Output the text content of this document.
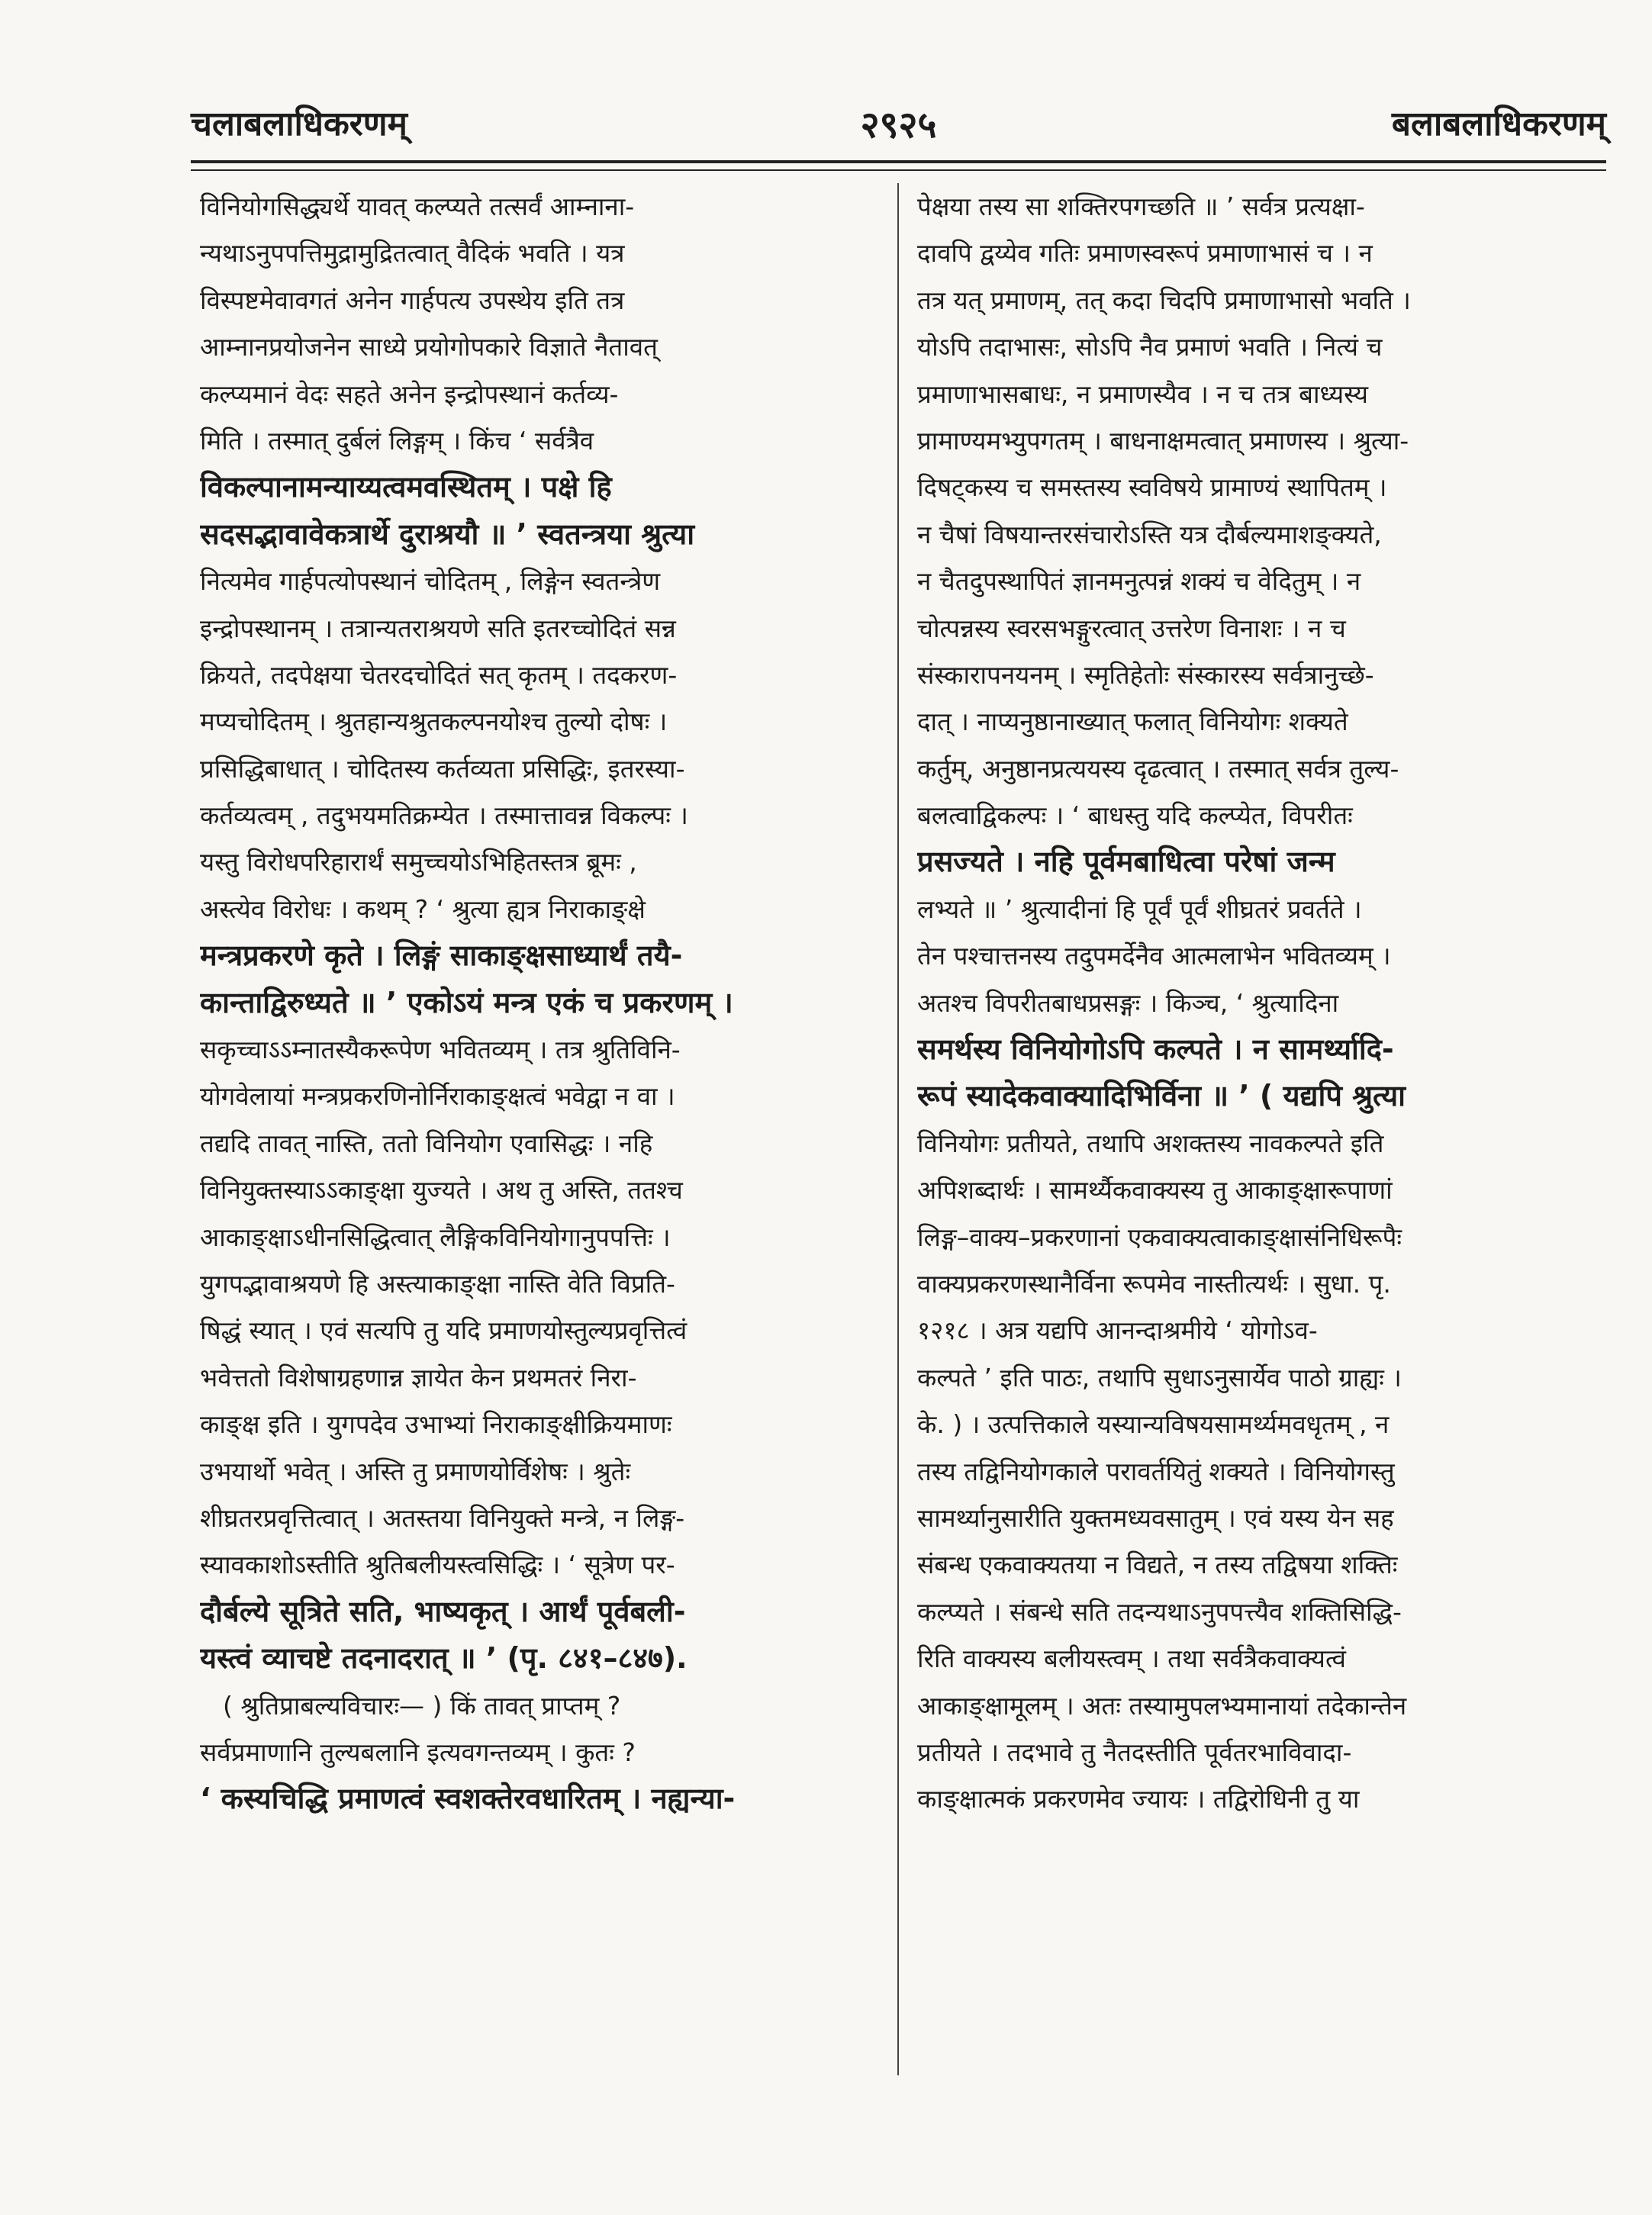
चलाबलाधिकरणम्	२९२५	बलाबलाधिकरणम्
विनियोगसिद्ध्यर्थे यावत् कल्प्यते तत्सर्वं आम्नाना-
न्यथाऽनुपपत्तिमुद्रामुद्रितत्वात् वैदिकं भवति । यत्र
विस्पष्टमेवावगतं अनेन गार्हपत्य उपस्थेय इति तत्र
आम्नानप्रयोजनेन साध्ये प्रयोगोपकारे विज्ञाते नैतावत्
कल्प्यमानं वेदः सहते अनेन इन्द्रोपस्थानं कर्तव्य-
मिति । तस्मात् दुर्बलं लिङ्गम् । किंच ‘ सर्वत्रैव
विकल्पानामन्याय्यत्वमवस्थितम् । पक्षे हि
सदसद्भावावेकत्रार्थे दुराश्रयौ ॥ ’ स्वतन्त्रया श्रुत्या
नित्यमेव गार्हपत्योपस्थानं चोदितम् , लिङ्गेन स्वतन्त्रेण
इन्द्रोपस्थानम् । तत्रान्यतराश्रयणे सति इतरच्चोदितं सन्न
क्रियते, तदपेक्षया चेतरदचोदितं सत् कृतम् । तदकरण-
मप्यचोदितम् । श्रुतहान्यश्रुतकल्पनयोश्च तुल्यो दोषः ।
प्रसिद्धिबाधात् । चोदितस्य कर्तव्यता प्रसिद्धिः, इतरस्या-
कर्तव्यत्वम् , तदुभयमतिक्रम्येत । तस्मात्तावन्न विकल्पः ।
यस्तु विरोधपरिहारार्थं समुच्चयोऽभिहितस्तत्र ब्रूमः ,
अस्त्येव विरोधः । कथम् ? ‘ श्रुत्या ह्यत्र निराकाङ्क्षे
मन्त्रप्रकरणे कृते । लिङ्गं साकाङ्क्षसाध्यार्थं तयै-
कान्ताद्विरुध्यते ॥ ’ एकोऽयं मन्त्र एकं च प्रकरणम् ।
सकृच्चाऽऽम्नातस्यैकरूपेण भवितव्यम् । तत्र श्रुतिविनि-
योगवेलायां मन्त्रप्रकरणिनोर्निराकाङ्क्षत्वं भवेद्वा न वा ।
तद्यदि तावत् नास्ति, ततो विनियोग एवासिद्धः । नहि
विनियुक्तस्याऽऽकाङ्क्षा युज्यते । अथ तु अस्ति, ततश्च
आकाङ्क्षाऽधीनसिद्धित्वात् लैङ्गिकविनियोगानुपपत्तिः ।
युगपद्भावाश्रयणे हि अस्त्याकाङ्क्षा नास्ति वेति विप्रति-
षिद्धं स्यात् । एवं सत्यपि तु यदि प्रमाणयोस्तुल्यप्रवृत्तित्वं
भवेत्ततो विशेषाग्रहणान्न ज्ञायेत केन प्रथमतरं निरा-
काङ्क्ष इति । युगपदेव उभाभ्यां निराकाङ्क्षीक्रियमाणः
उभयार्थो भवेत् । अस्ति तु प्रमाणयोर्विशेषः । श्रुतेः
शीघ्रतरप्रवृत्तित्वात् । अतस्तया विनियुक्ते मन्त्रे, न लिङ्ग-
स्यावकाशोऽस्तीति श्रुतिबलीयस्त्वसिद्धिः । ‘ सूत्रेण पर-
दौर्बल्ये सूत्रिते सति, भाष्यकृत् । आर्थं पूर्वबली-
यस्त्वं व्याचष्टे तदनादरात् ॥ ’ (पृ. ८४१–८४७).
( श्रुतिप्राबल्यविचारः— ) किं तावत् प्राप्तम् ?
सर्वप्रमाणानि तुल्यबलानि इत्यवगन्तव्यम् । कुतः ?
‘ कस्यचिद्धि प्रमाणत्वं स्वशक्तेरवधारितम् । नह्यन्या-
पेक्षया तस्य सा शक्तिरपगच्छति ॥ ’ सर्वत्र प्रत्यक्षा-
दावपि द्वय्येव गतिः प्रमाणस्वरूपं प्रमाणाभासं च । न
तत्र यत् प्रमाणम्, तत् कदा चिदपि प्रमाणाभासो भवति ।
योऽपि तदाभासः, सोऽपि नैव प्रमाणं भवति । नित्यं च
प्रमाणाभासबाधः, न प्रमाणस्यैव । न च तत्र बाध्यस्य
प्रामाण्यमभ्युपगतम् । बाधनाक्षमत्वात् प्रमाणस्य । श्रुत्या-
दिषट्कस्य च समस्तस्य स्वविषये प्रामाण्यं स्थापितम् ।
न चैषां विषयान्तरसंचारोऽस्ति यत्र दौर्बल्यमाशङ्क्यते,
न चैतदुपस्थापितं ज्ञानमनुत्पन्नं शक्यं च वेदितुम् । न
चोत्पन्नस्य स्वरसभङ्गुरत्वात् उत्तरेण विनाशः । न च
संस्कारापनयनम् । स्मृतिहेतोः संस्कारस्य सर्वत्रानुच्छे-
दात् । नाप्यनुष्ठानाख्यात् फलात् विनियोगः शक्यते
कर्तुम्, अनुष्ठानप्रत्ययस्य दृढत्वात् । तस्मात् सर्वत्र तुल्य-
बलत्वाद्विकल्पः । ‘ बाधस्तु यदि कल्प्येत, विपरीतः
प्रसज्यते । नहि पूर्वमबाधित्वा परेषां जन्म
लभ्यते ॥ ’ श्रुत्यादीनां हि पूर्वं पूर्वं शीघ्रतरं प्रवर्तते ।
तेन पश्चात्तनस्य तदुपमर्देनैव आत्मलाभेन भवितव्यम् ।
अतश्च विपरीतबाधप्रसङ्गः । किञ्च, ‘ श्रुत्यादिना
समर्थस्य विनियोगोऽपि कल्पते । न सामर्थ्यादि-
रूपं स्यादेकवाक्यादिभिर्विना ॥ ’ ( यद्यपि श्रुत्या
विनियोगः प्रतीयते, तथापि अशक्तस्य नावकल्पते इति
अपिशब्दार्थः । सामर्थ्यैकवाक्यस्य तु आकाङ्क्षारूपाणां
लिङ्ग–वाक्य–प्रकरणानां एकवाक्यत्वाकाङ्क्षासंनिधिरूपैः
वाक्यप्रकरणस्थानैर्विना रूपमेव नास्तीत्यर्थः । सुधा. पृ.
१२१८ । अत्र यद्यपि आनन्दाश्रमीये ‘ योगोऽव-
कल्पते ’ इति पाठः, तथापि सुधाऽनुसार्येव पाठो ग्राह्यः ।
के. ) । उत्पत्तिकाले यस्यान्यविषयसामर्थ्यमवधृतम् , न
तस्य तद्विनियोगकाले परावर्तयितुं शक्यते । विनियोगस्तु
सामर्थ्यानुसारीति युक्तमध्यवसातुम् । एवं यस्य येन सह
संबन्ध एकवाक्यतया न विद्यते, न तस्य तद्विषया शक्तिः
कल्प्यते । संबन्धे सति तदन्यथाऽनुपपत्त्यैव शक्तिसिद्धि-
रिति वाक्यस्य बलीयस्त्वम् । तथा सर्वत्रैकवाक्यत्वं
आकाङ्क्षामूलम् । अतः तस्यामुपलभ्यमानायां तदेकान्तेन
प्रतीयते । तदभावे तु नैतदस्तीति पूर्वतरभाविवादा-
काङ्क्षात्मकं प्रकरणमेव ज्यायः । तद्विरोधिनी तु या
